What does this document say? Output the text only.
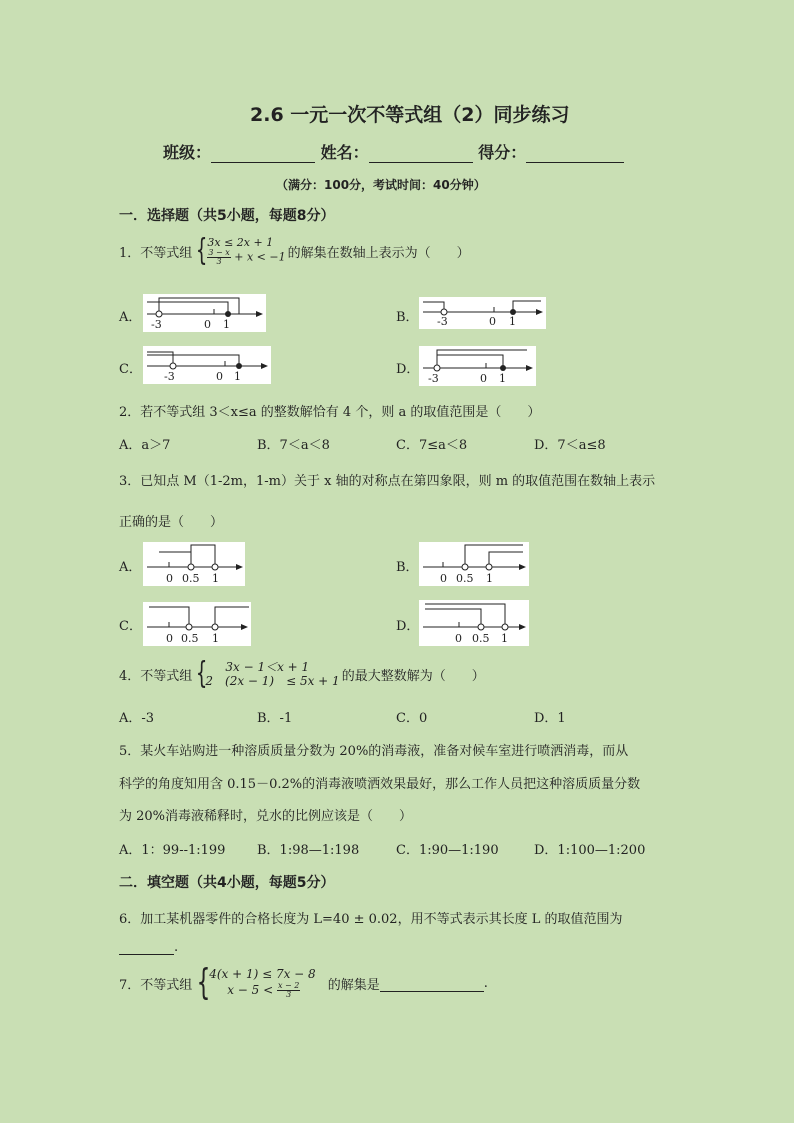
2.6 一元一次不等式组（2）同步练习
班级：	姓名：	得分：
（满分：100分，考试时间：40分钟）
一．选择题（共5小题，每题8分）
1．不等式组 { 3x ≤ 2x + 1
$\frac{3 - x}{3} + x < -1$ 的解集在数轴上表示为（　　）
A． -3	0 1	B． -3	0 1
C． -3	0 1	D．
-3	0 1
2．若不等式组 3＜x≤a 的整数解恰有 4 个，则 a 的取值范围是（　　）
A．a＞7	B．7＜a＜8	C．7≤a＜8	D．7＜a≤8
3．已知点 M（1-2m，1-m）关于 x 轴的对称点在第四象限，则 m 的取值范围在数轴上表示
正确的是（　　）
A．
0 0.5 1
B．
0 0.5 1
C．
0 0.5 1
D．
0 0.5 1
4．不等式组 {	3x − 1＜x + 1
2　(2x − 1)　≤ 5x + 1 的最大整数解为（　　）
A．-3	B．-1	C．0	D．1
5．某火车站购进一种溶质质量分数为 20%的消毒液，准备对候车室进行喷洒消毒，而从
科学的角度知用含 0.15－0.2%的消毒液喷洒效果最好，那么工作人员把这种溶质质量分数
为 20%消毒液稀释时，兑水的比例应该是（　　）
A．1：99--1:199 B．1:98—1:198	C．1:90—1:190	D．1:100—1:200
二．填空题（共4小题，每题5分）
6．加工某机器零件的合格长度为 L=40 ± 0.02，用不等式表示其长度 L 的取值范围为
.
7．不等式组 {
4(x + 1) ≤ 7x − 8
$x - 5 < \frac{x - 2}{3}$ 的解集是	.
